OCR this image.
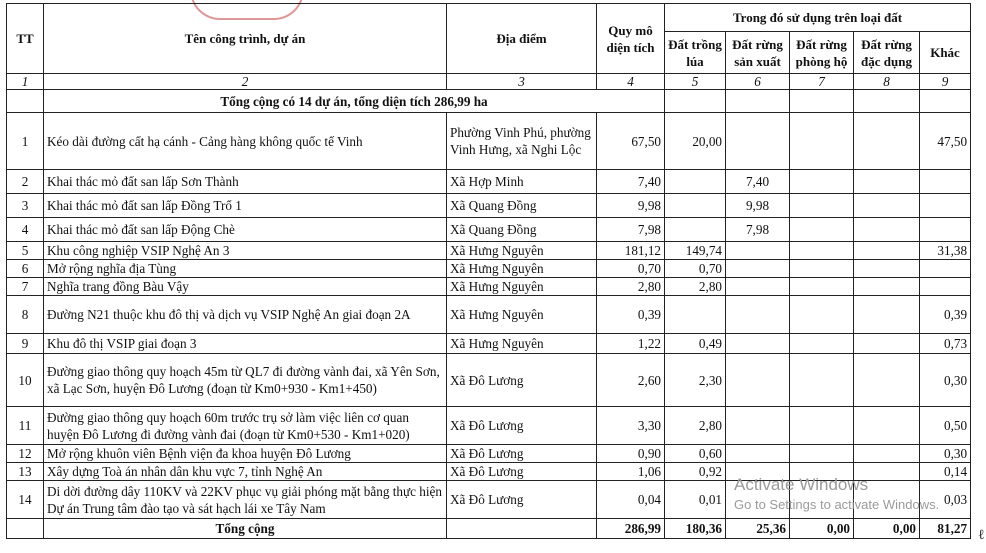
TT	Tên công trình, dự án	Địa điểm	Quy mô diện tích	Trong đó sử dụng trên loại đất				
				Đất trồng lúa	Đất rừng sản xuất	Đất rừng phòng hộ	Đất rừng đặc dụng	Khác
1	2	3	4	5	6	7	8	9
	Tổng cộng có 14 dự án, tổng diện tích 286,99 ha							
1	Kéo dài đường cất hạ cánh - Cảng hàng không quốc tế Vinh	Phường Vinh Phú, phường Vinh Hưng, xã Nghi Lộc	67,50	20,00				47,50
2	Khai thác mỏ đất san lấp Sơn Thành	Xã Hợp Minh	7,40		7,40			
3	Khai thác mỏ đất san lấp Đồng Trổ 1	Xã Quang Đồng	9,98		9,98			
4	Khai thác mỏ đất san lấp Động Chè	Xã Quang Đồng	7,98		7,98			
5	Khu công nghiệp VSIP Nghệ An 3	Xã Hưng Nguyên	181,12	149,74				31,38
6	Mở rộng nghĩa địa Tùng	Xã Hưng Nguyên	0,70	0,70				
7	Nghĩa trang đồng Bàu Vậy	Xã Hưng Nguyên	2,80	2,80				
8	Đường N21 thuộc khu đô thị và dịch vụ VSIP Nghệ An giai đoạn 2A	Xã Hưng Nguyên	0,39					0,39
9	Khu đô thị VSIP giai đoạn 3	Xã Hưng Nguyên	1,22	0,49				0,73
10	Đường giao thông quy hoạch 45m từ QL7 đi đường vành đai, xã Yên Sơn, xã Lạc Sơn, huyện Đô Lương (đoạn từ Km0+930 - Km1+450)	Xã Đô Lương	2,60	2,30				0,30
11	Đường giao thông quy hoạch 60m trước trụ sở làm việc liên cơ quan huyện Đô Lương đi đường vành đai (đoạn từ Km0+530 - Km1+020)	Xã Đô Lương	3,30	2,80				0,50
12	Mở rộng khuôn viên Bệnh viện đa khoa huyện Đô Lương	Xã Đô Lương	0,90	0,60				0,30
13	Xây dựng Toà án nhân dân khu vực 7, tỉnh Nghệ An	Xã Đô Lương	1,06	0,92				0,14
14	Di dời đường dây 110KV và 22KV phục vụ giải phóng mặt bằng thực hiện Dự án Trung tâm đào tạo và sát hạch lái xe Tây Nam	Xã Đô Lương	0,04	0,01				0,03
	Tổng cộng		286,99	180,36	25,36	0,00	0,00	81,27
Activate Windows
Go to Settings to activate Windows.
ℓ
